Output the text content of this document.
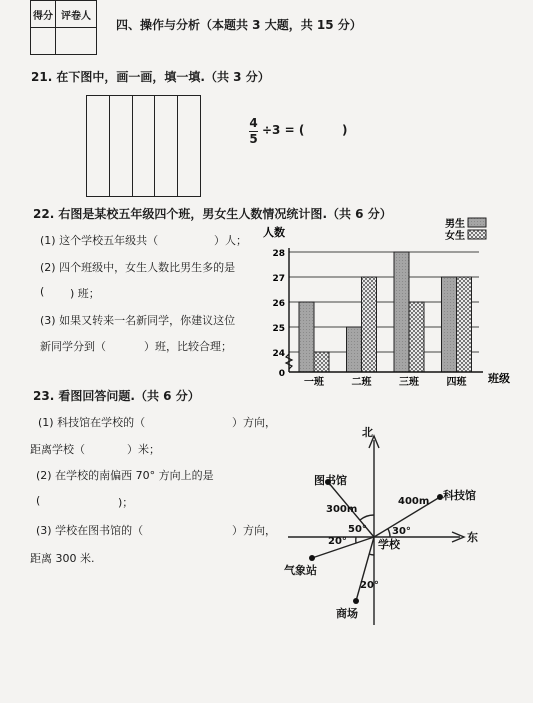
得分	评卷人

四、操作与分析（本题共 3 大题，共 15 分）
21. 在下图中，画一画，填一填.（共 3 分）
4
5
÷3 = (	)
22. 右图是某校五年级四个班，男女生人数情况统计图.（共 6 分）
(1) 这个学校五年级共（	）人；
(2) 四个班级中，女生人数比男生多的是
( ) 班；
(3) 如果又转来一名新同学，你建议这位
新同学分到（	）班，比较合理；
人数
班级
0
24
25
26
27
28
一班	二班	三班	四班
男生
女生
23. 看图回答问题.（共 6 分）
(1) 科技馆在学校的（	）方向，
距离学校（	）米；
(2) 在学校的南偏西 70° 方向上的是
(	)；
(3) 学校在图书馆的（	）方向，
距离 300 米.
北
东
学校
图书馆
科技馆
气象站
商场
300m
400m
50°	30°
20°
20°
